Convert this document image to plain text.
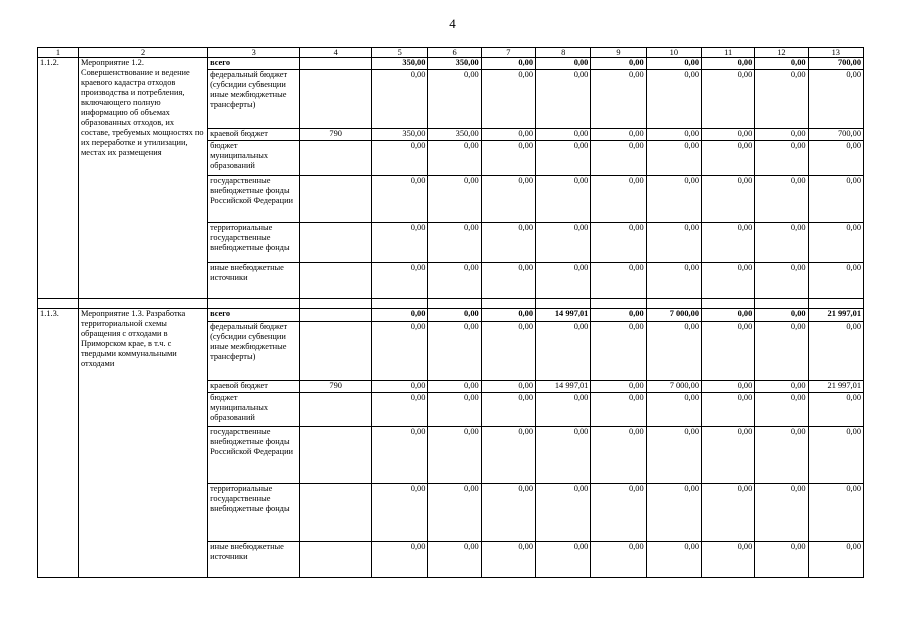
4
1	2	3	4	5	6	7	8	9	10	11	12	13
1.1.2.	Мероприятие 1.2. Совершенствование и ведение краевого кадастра отходов производства и потребления, включающего полную информацию об объемах образованных отходов, их составе, требуемых мощностях по их переработке и утилизации, местах их размещения	всего		350,00	350,00	0,00	0,00	0,00	0,00	0,00	0,00	700,00
		федеральный бюджет (субсидии субвенции иные межбюджетные трансферты)		0,00	0,00	0,00	0,00	0,00	0,00	0,00	0,00	0,00
		краевой бюджет	790	350,00	350,00	0,00	0,00	0,00	0,00	0,00	0,00	700,00
		бюджет муниципальных образований		0,00	0,00	0,00	0,00	0,00	0,00	0,00	0,00	0,00
		государственные внебюджетные фонды Российской Федерации		0,00	0,00	0,00	0,00	0,00	0,00	0,00	0,00	0,00
		территориальные государственные внебюджетные фонды		0,00	0,00	0,00	0,00	0,00	0,00	0,00	0,00	0,00
		иные внебюджетные источники		0,00	0,00	0,00	0,00	0,00	0,00	0,00	0,00	0,00

1.1.3.	Мероприятие 1.3. Разработка территориальной схемы обращения с отходами в Приморском крае, в т.ч. с твердыми коммунальными отходами	всего		0,00	0,00	0,00	14 997,01	0,00	7 000,00	0,00	0,00	21 997,01
		федеральный бюджет (субсидии субвенции иные межбюджетные трансферты)		0,00	0,00	0,00	0,00	0,00	0,00	0,00	0,00	0,00
		краевой бюджет	790	0,00	0,00	0,00	14 997,01	0,00	7 000,00	0,00	0,00	21 997,01
		бюджет муниципальных образований		0,00	0,00	0,00	0,00	0,00	0,00	0,00	0,00	0,00
		государственные внебюджетные фонды Российской Федерации		0,00	0,00	0,00	0,00	0,00	0,00	0,00	0,00	0,00
		территориальные государственные внебюджетные фонды		0,00	0,00	0,00	0,00	0,00	0,00	0,00	0,00	0,00
		иные внебюджетные источники		0,00	0,00	0,00	0,00	0,00	0,00	0,00	0,00	0,00
